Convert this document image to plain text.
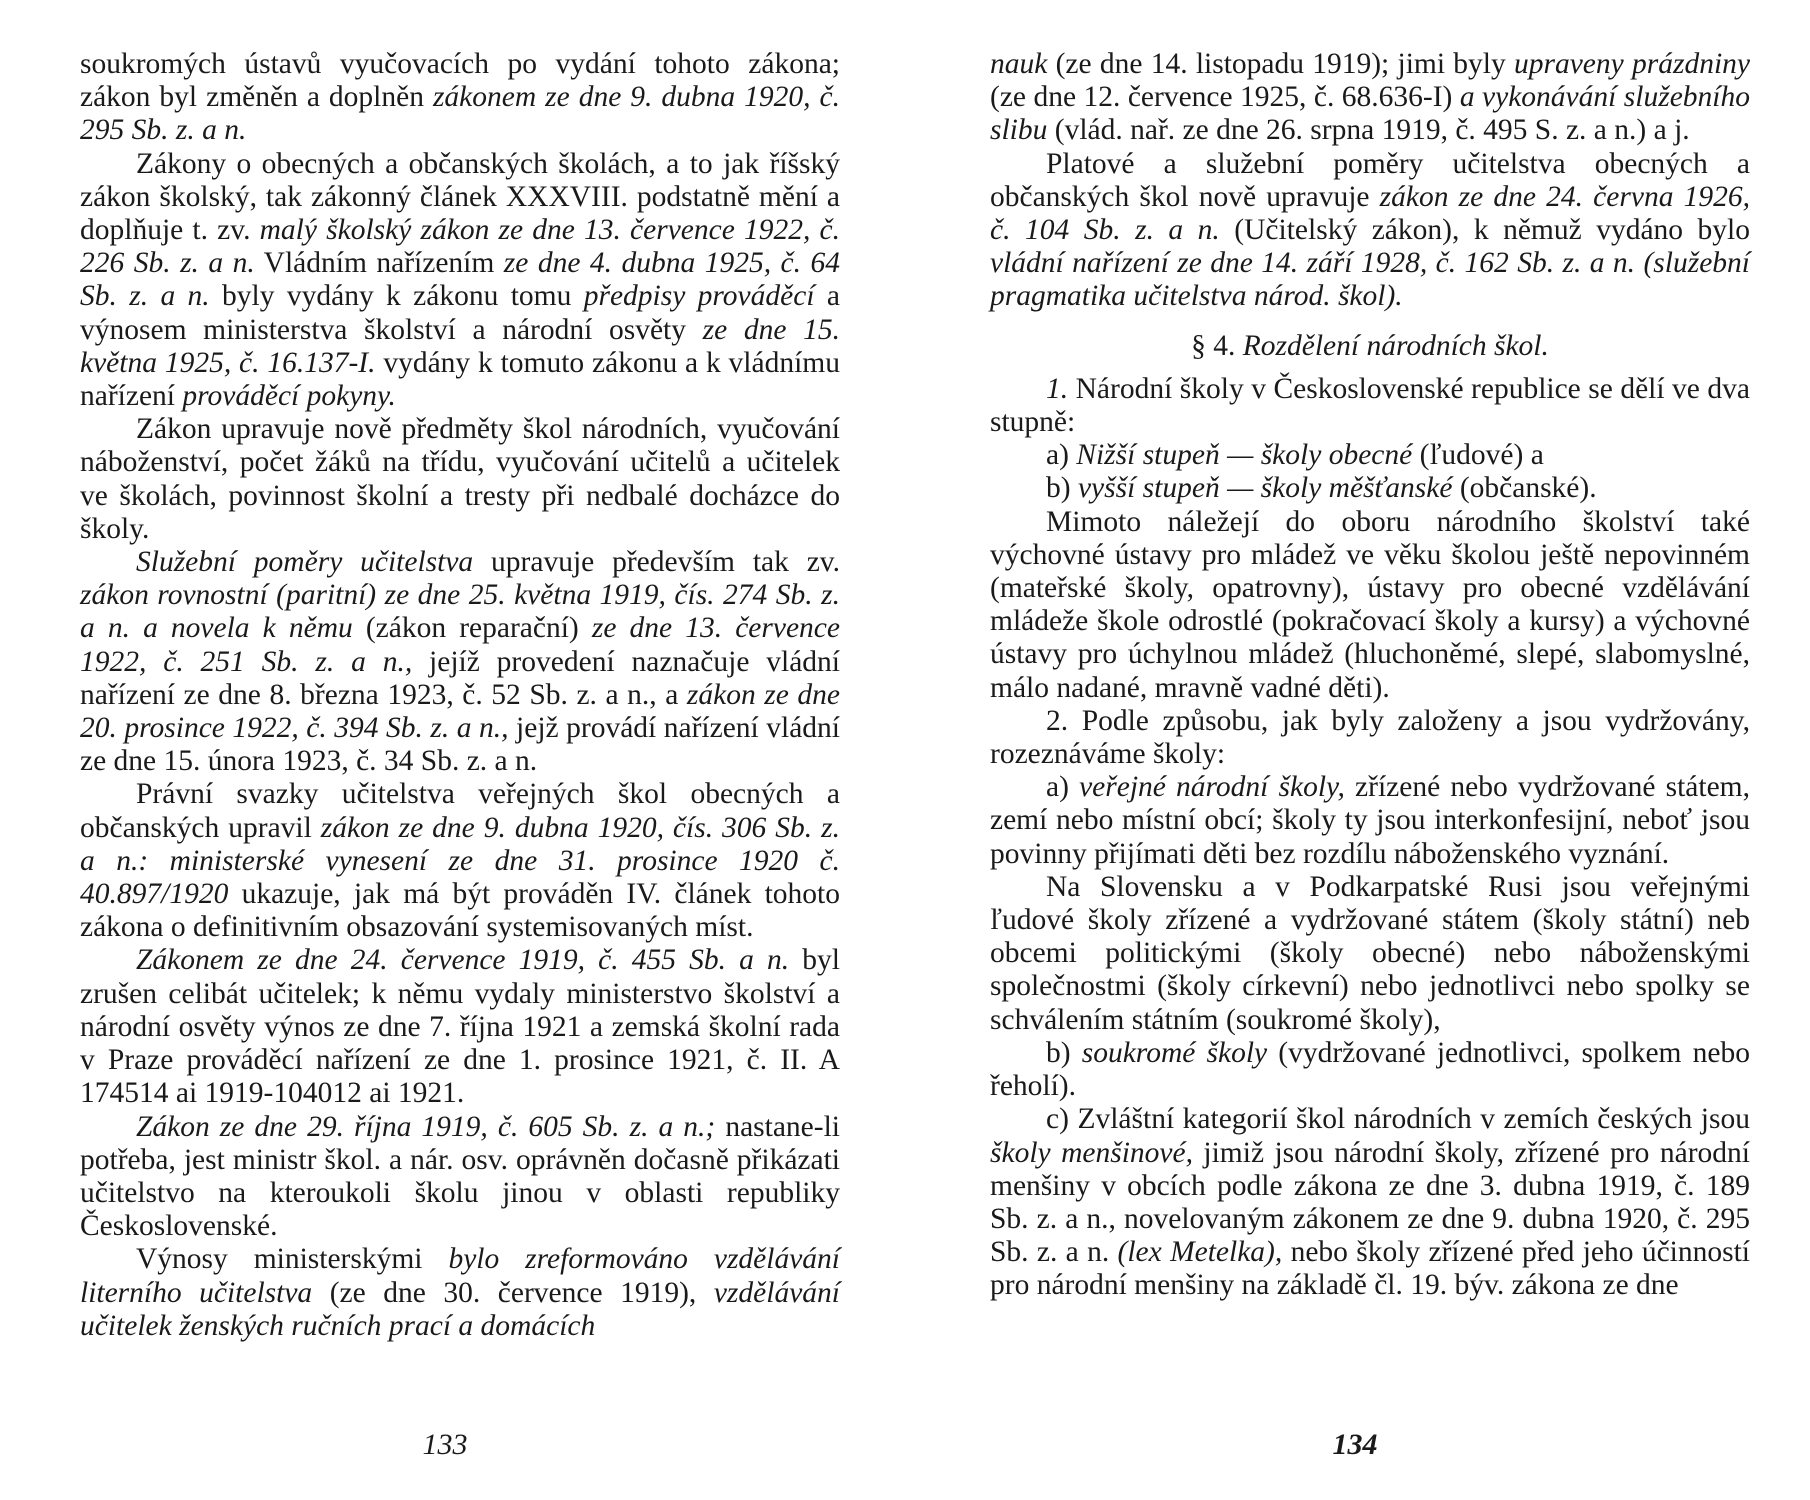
soukromých ústavů vyučovacích po vydání tohoto zákona; zákon byl změněn a doplněn zákonem ze dne 9. dubna 1920, č. 295 Sb. z. a n.

Zákony o obecných a občanských školách, a to jak říšský zákon školský, tak zákonný článek XXXVIII. podstatně mění a doplňuje t. zv. malý školský zákon ze dne 13. července 1922, č. 226 Sb. z. a n. Vládním nařízením ze dne 4. dubna 1925, č. 64 Sb. z. a n. byly vydány k zákonu tomu předpisy prováděcí a výnosem ministerstva školství a národní osvěty ze dne 15. května 1925, č. 16.137-I. vydány k tomuto zákonu a k vládnímu nařízení prováděcí pokyny.

Zákon upravuje nově předměty škol národních, vyučování náboženství, počet žáků na třídu, vyučování učitelů a učitelek ve školách, povinnost školní a tresty při nedbalé docházce do školy.

Služební poměry učitelstva upravuje především tak zv. zákon rovnostní (paritní) ze dne 25. května 1919, čís. 274 Sb. z. a n. a novela k němu (zákon reparační) ze dne 13. července 1922, č. 251 Sb. z. a n., jejíž provedení naznačuje vládní nařízení ze dne 8. března 1923, č. 52 Sb. z. a n., a zákon ze dne 20. prosince 1922, č. 394 Sb. z. a n., jejž provádí nařízení vládní ze dne 15. února 1923, č. 34 Sb. z. a n.

Právní svazky učitelstva veřejných škol obecných a občanských upravil zákon ze dne 9. dubna 1920, čís. 306 Sb. z. a n.: ministerské vynesení ze dne 31. prosince 1920 č. 40.897/1920 ukazuje, jak má být prováděn IV. článek tohoto zákona o definitivním obsazování systemisovaných míst.

Zákonem ze dne 24. července 1919, č. 455 Sb. a n. byl zrušen celibát učitelek; k němu vydaly ministerstvo školství a národní osvěty výnos ze dne 7. října 1921 a zemská školní rada v Praze prováděcí nařízení ze dne 1. prosince 1921, č. II. A 174514 ai 1919-104012 ai 1921.

Zákon ze dne 29. října 1919, č. 605 Sb. z. a n.; nastane-li potřeba, jest ministr škol. a nár. osv. oprávněn dočasně přikázati učitelstvo na kteroukoli školu jinou v oblasti republiky Československé.

Výnosy ministerskými bylo zreformováno vzdělávání literního učitelstva (ze dne 30. července 1919), vzdělávání učitelek ženských ručních prací a domácích

nauk (ze dne 14. listopadu 1919); jimi byly upraveny prázdniny (ze dne 12. července 1925, č. 68.636-I) a vykonávání služebního slibu (vlád. nař. ze dne 26. srpna 1919, č. 495 S. z. a n.) a j.

Platové a služební poměry učitelstva obecných a občanských škol nově upravuje zákon ze dne 24. června 1926, č. 104 Sb. z. a n. (Učitelský zákon), k němuž vydáno bylo vládní nařízení ze dne 14. září 1928, č. 162 Sb. z. a n. (služební pragmatika učitelstva národ. škol).

§ 4. Rozdělení národních škol.

1. Národní školy v Československé republice se dělí ve dva stupně:

a) Nižší stupeň — školy obecné (ľudové) a

b) vyšší stupeň — školy měšťanské (občanské).

Mimoto náležejí do oboru národního školství také výchovné ústavy pro mládež ve věku školou ještě nepovinném (mateřské školy, opatrovny), ústavy pro obecné vzdělávání mládeže škole odrostlé (pokračovací školy a kursy) a výchovné ústavy pro úchylnou mládež (hluchoněmé, slepé, slabomyslné, málo nadané, mravně vadné děti).

2. Podle způsobu, jak byly založeny a jsou vydržovány, rozeznáváme školy:

a) veřejné národní školy, zřízené nebo vydržované státem, zemí nebo místní obcí; školy ty jsou interkonfesijní, neboť jsou povinny přijímati děti bez rozdílu náboženského vyznání.

Na Slovensku a v Podkarpatské Rusi jsou veřejnými ľudové školy zřízené a vydržované státem (školy státní) neb obcemi politickými (školy obecné) nebo náboženskými společnostmi (školy církevní) nebo jednotlivci nebo spolky se schválením státním (soukromé školy),

b) soukromé školy (vydržované jednotlivci, spolkem nebo řeholí).

c) Zvláštní kategorií škol národních v zemích českých jsou školy menšinové, jimiž jsou národní školy, zřízené pro národní menšiny v obcích podle zákona ze dne 3. dubna 1919, č. 189 Sb. z. a n., novelovaným zákonem ze dne 9. dubna 1920, č. 295 Sb. z. a n. (lex Metelka), nebo školy zřízené před jeho účinností pro národní menšiny na základě čl. 19. býv. zákona ze dne

133	134
